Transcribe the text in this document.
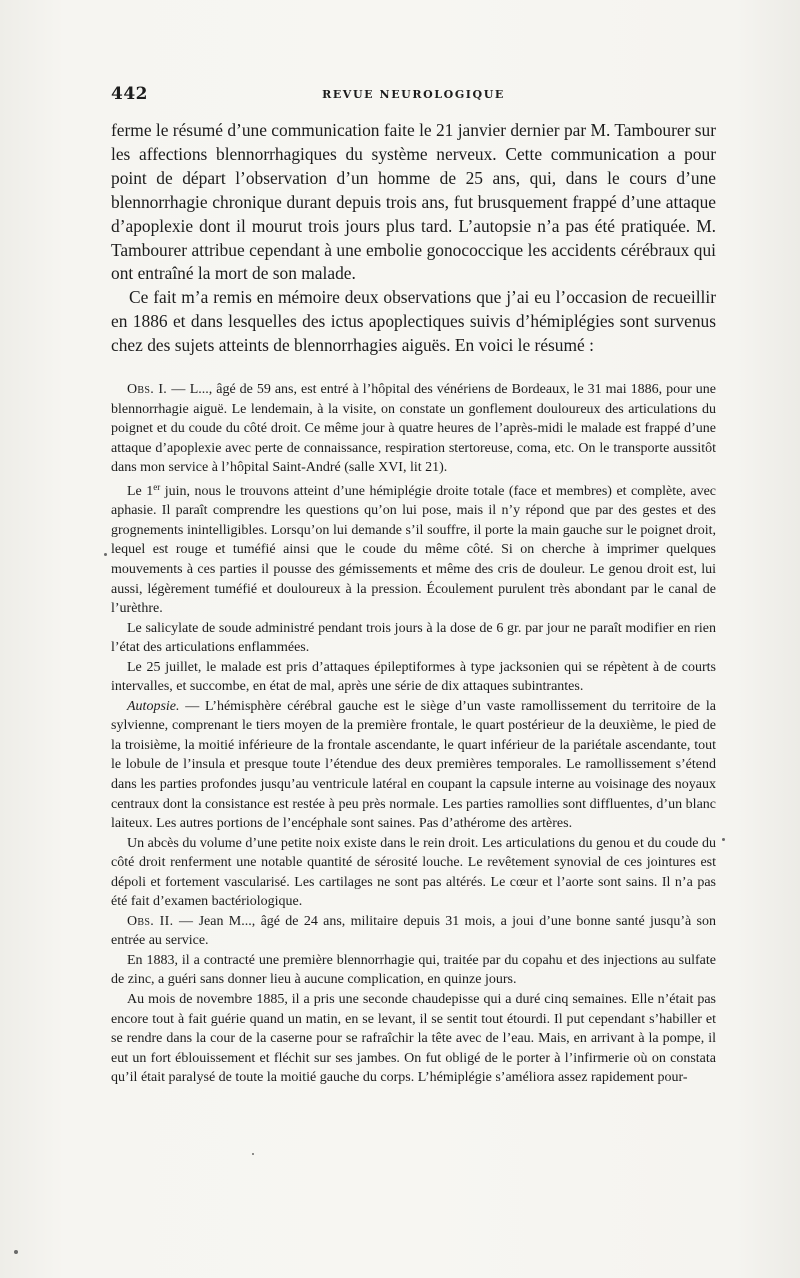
442	REVUE NEUROLOGIQUE

ferme le résumé d’une communication faite le 21 janvier dernier par M. Tambourer sur les affections blennorrhagiques du système nerveux. Cette communication a pour point de départ l’observation d’un homme de 25 ans, qui, dans le cours d’une blennorrhagie chronique durant depuis trois ans, fut brusquement frappé d’une attaque d’apoplexie dont il mourut trois jours plus tard. L’autopsie n’a pas été pratiquée. M. Tambourer attribue cependant à une embolie gonococcique les accidents cérébraux qui ont entraîné la mort de son malade.

Ce fait m’a remis en mémoire deux observations que j’ai eu l’occasion de recueillir en 1886 et dans lesquelles des ictus apoplectiques suivis d’hémiplégies sont survenus chez des sujets atteints de blennorrhagies aiguës. En voici le résumé :

Obs. I. — L..., âgé de 59 ans, est entré à l’hôpital des vénériens de Bordeaux, le 31 mai 1886, pour une blennorrhagie aiguë. Le lendemain, à la visite, on constate un gonflement douloureux des articulations du poignet et du coude du côté droit. Ce même jour à quatre heures de l’après-midi le malade est frappé d’une attaque d’apoplexie avec perte de connaissance, respiration stertoreuse, coma, etc. On le transporte aussitôt dans mon service à l’hôpital Saint-André (salle XVI, lit 21).

Le 1er juin, nous le trouvons atteint d’une hémiplégie droite totale (face et membres) et complète, avec aphasie. Il paraît comprendre les questions qu’on lui pose, mais il n’y répond que par des gestes et des grognements inintelligibles. Lorsqu’on lui demande s’il souffre, il porte la main gauche sur le poignet droit, lequel est rouge et tuméfié ainsi que le coude du même côté. Si on cherche à imprimer quelques mouvements à ces parties il pousse des gémissements et même des cris de douleur. Le genou droit est, lui aussi, légèrement tuméfié et douloureux à la pression. Écoulement purulent très abondant par le canal de l’urèthre.

Le salicylate de soude administré pendant trois jours à la dose de 6 gr. par jour ne paraît modifier en rien l’état des articulations enflammées.

Le 25 juillet, le malade est pris d’attaques épileptiformes à type jacksonien qui se répètent à de courts intervalles, et succombe, en état de mal, après une série de dix attaques subintrantes.

Autopsie. — L’hémisphère cérébral gauche est le siège d’un vaste ramollissement du territoire de la sylvienne, comprenant le tiers moyen de la première frontale, le quart postérieur de la deuxième, le pied de la troisième, la moitié inférieure de la frontale ascendante, le quart inférieur de la pariétale ascendante, tout le lobule de l’insula et presque toute l’étendue des deux premières temporales. Le ramollissement s’étend dans les parties profondes jusqu’au ventricule latéral en coupant la capsule interne au voisinage des noyaux centraux dont la consistance est restée à peu près normale. Les parties ramollies sont diffluentes, d’un blanc laiteux. Les autres portions de l’encéphale sont saines. Pas d’athérome des artères.

Un abcès du volume d’une petite noix existe dans le rein droit. Les articulations du genou et du coude du côté droit renferment une notable quantité de sérosité louche. Le revêtement synovial de ces jointures est dépoli et fortement vascularisé. Les cartilages ne sont pas altérés. Le cœur et l’aorte sont sains. Il n’a pas été fait d’examen bactériologique.

Obs. II. — Jean M..., âgé de 24 ans, militaire depuis 31 mois, a joui d’une bonne santé jusqu’à son entrée au service.

En 1883, il a contracté une première blennorrhagie qui, traitée par du copahu et des injections au sulfate de zinc, a guéri sans donner lieu à aucune complication, en quinze jours.

Au mois de novembre 1885, il a pris une seconde chaudepisse qui a duré cinq semaines. Elle n’était pas encore tout à fait guérie quand un matin, en se levant, il se sentit tout étourdi. Il put cependant s’habiller et se rendre dans la cour de la caserne pour se rafraîchir la tête avec de l’eau. Mais, en arrivant à la pompe, il eut un fort éblouissement et fléchit sur ses jambes. On fut obligé de le porter à l’infirmerie où on constata qu’il était paralysé de toute la moitié gauche du corps. L’hémiplégie s’améliora assez rapidement pour-
